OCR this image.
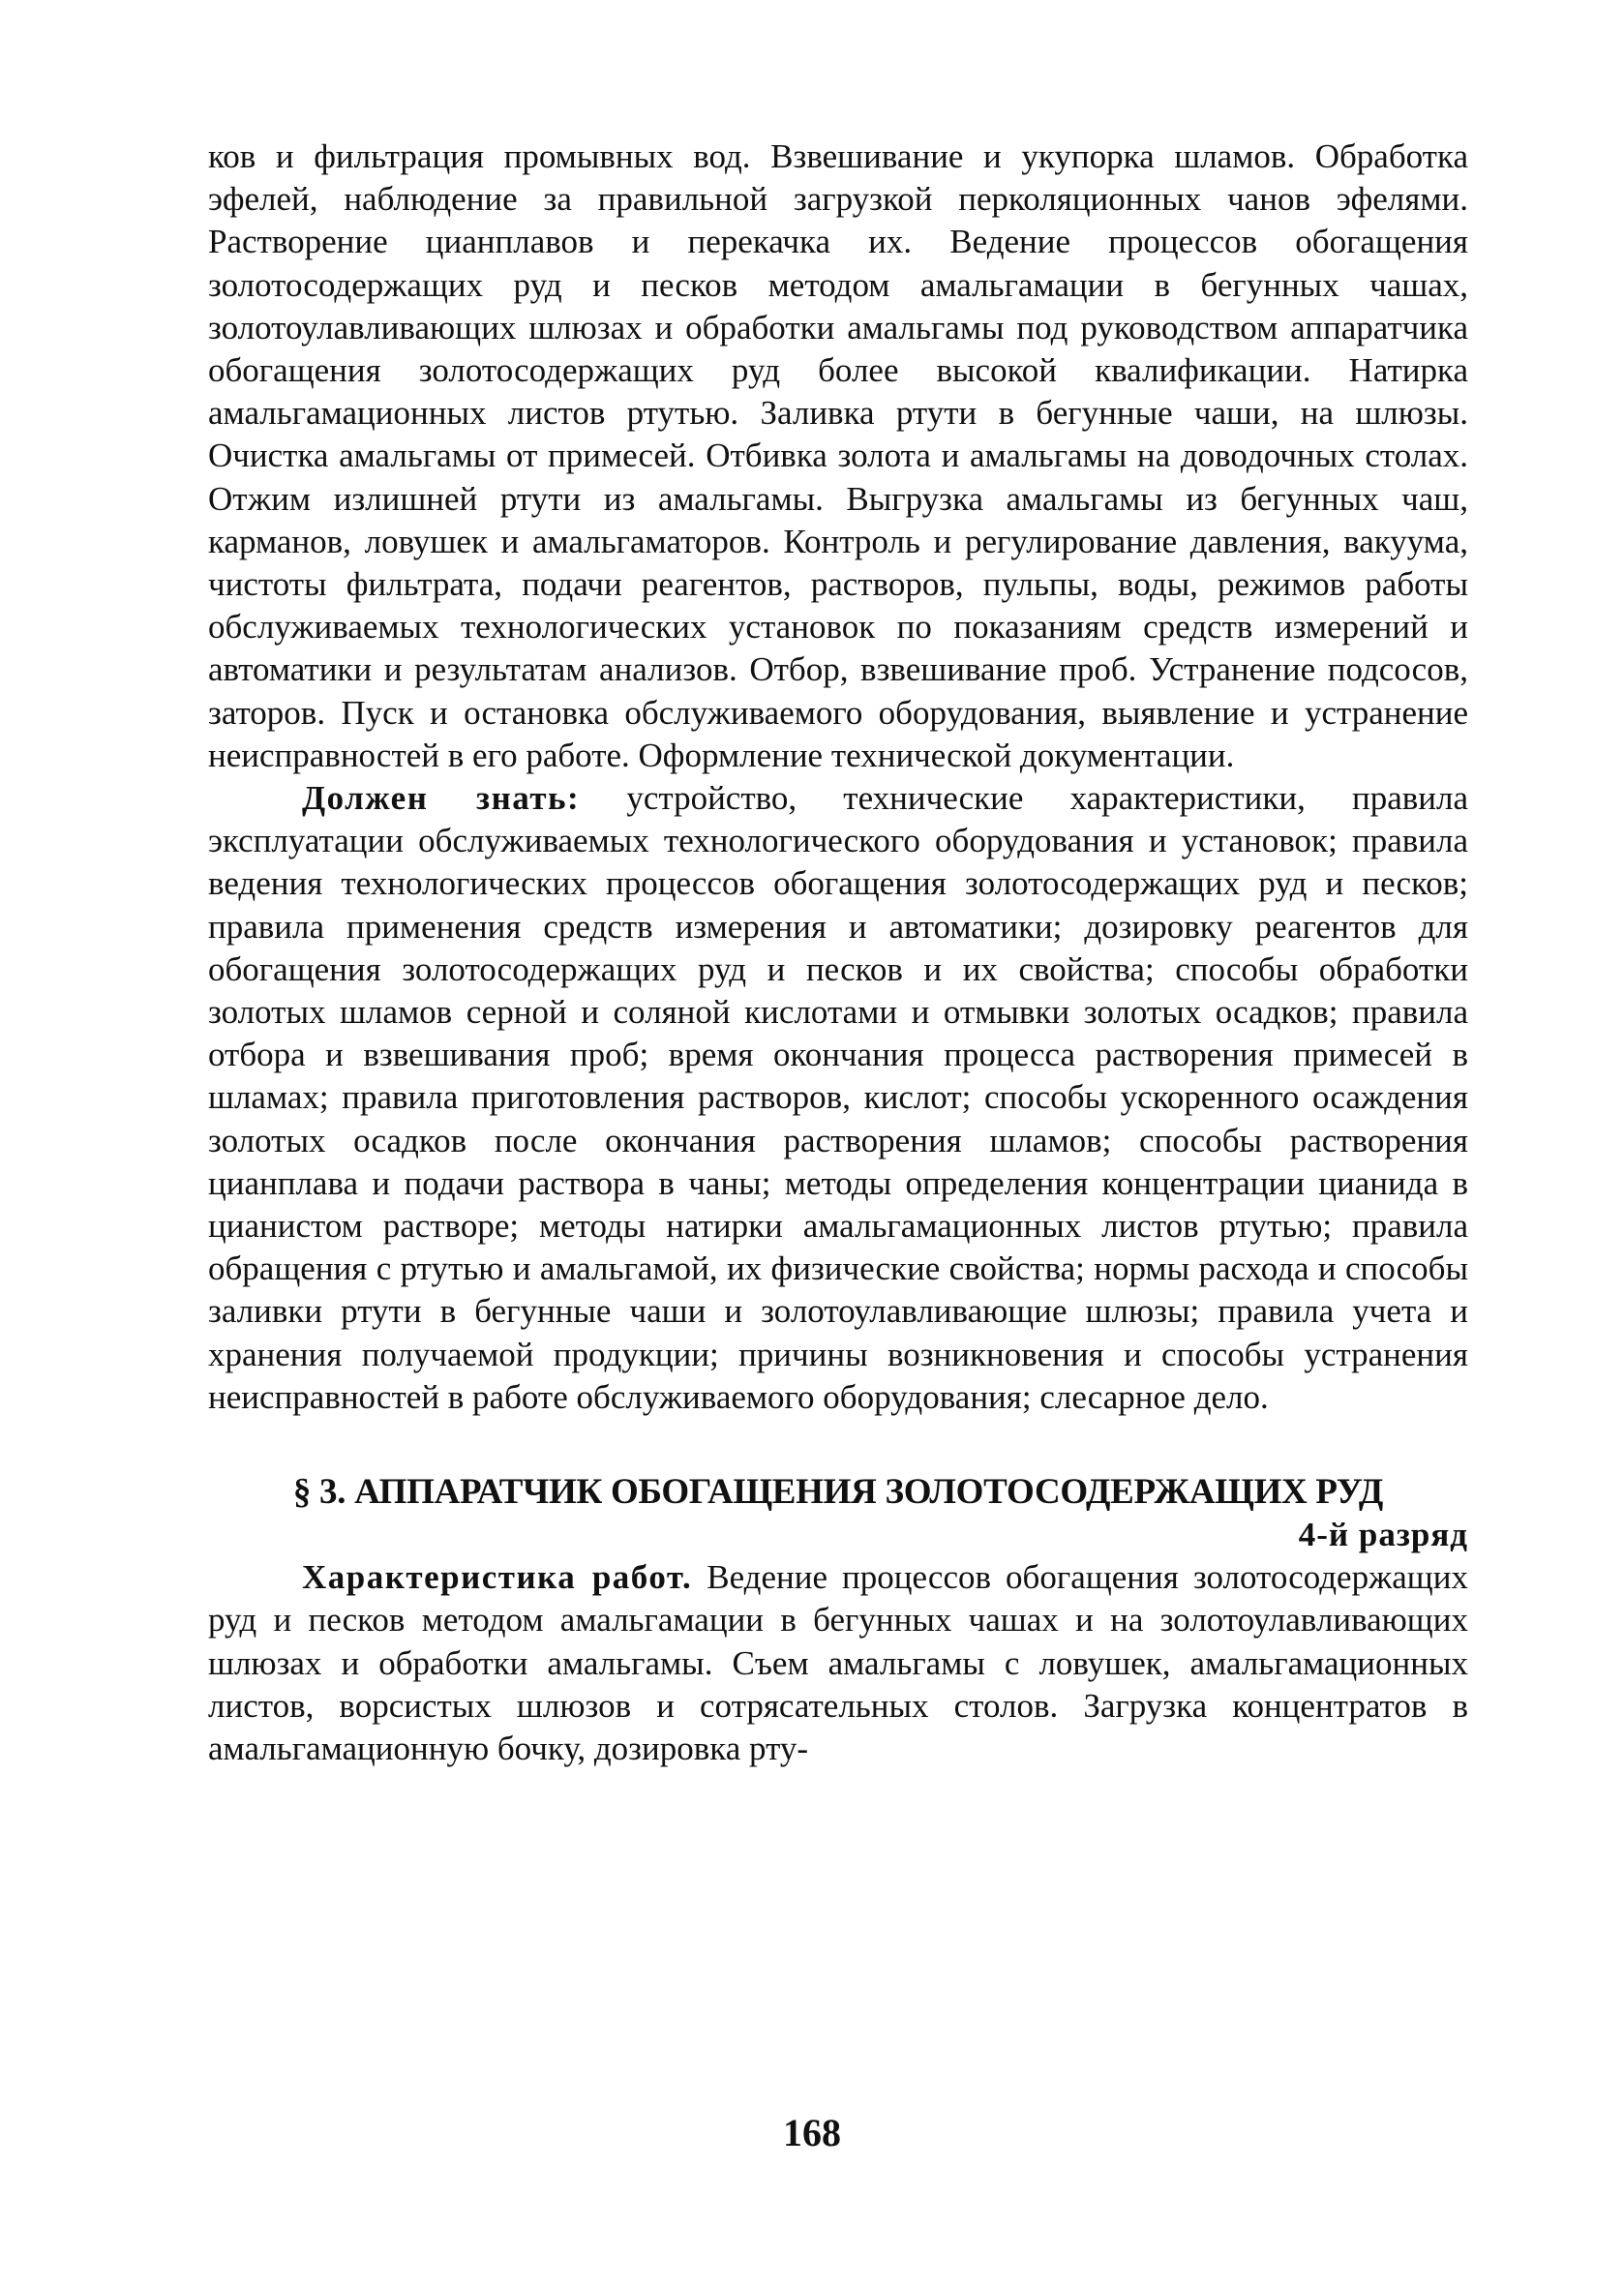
ков и фильтрация промывных вод. Взвешивание и укупорка шламов. Обработка эфелей, наблюдение за правильной загрузкой перколяционных чанов эфелями. Растворение цианплавов и перекачка их. Ведение процессов обогащения золотосодержащих руд и песков методом амальгамации в бегунных чашах, золотоулавливающих шлюзах и обработки амальгамы под руководством аппаратчика обогащения золотосодержащих руд более высокой квалификации. Натирка амальгамационных листов ртутью. Заливка ртути в бегунные чаши, на шлюзы. Очистка амальгамы от примесей. Отбивка золота и амальгамы на доводочных столах. Отжим излишней ртути из амальгамы. Выгрузка амальгамы из бегунных чаш, карманов, ловушек и амальгаматоров. Контроль и регулирование давления, вакуума, чистоты фильтрата, подачи реагентов, растворов, пульпы, воды, режимов работы обслуживаемых технологических установок по показаниям средств измерений и автоматики и результатам анализов. Отбор, взвешивание проб. Устранение подсосов, заторов. Пуск и остановка обслуживаемого оборудования, выявление и устранение неисправностей в его работе. Оформление технической документации.

Должен знать: устройство, технические характеристики, правила эксплуатации обслуживаемых технологического оборудования и установок; правила ведения технологических процессов обогащения золотосодержащих руд и песков; правила применения средств измерения и автоматики; дозировку реагентов для обогащения золотосодержащих руд и песков и их свойства; способы обработки золотых шламов серной и соляной кислотами и отмывки золотых осадков; правила отбора и взвешивания проб; время окончания процесса растворения примесей в шламах; правила приготовления растворов, кислот; способы ускоренного осаждения золотых осадков после окончания растворения шламов; способы растворения цианплава и подачи раствора в чаны; методы определения концентрации цианида в цианистом растворе; методы натирки амальгамационных листов ртутью; правила обращения с ртутью и амальгамой, их физические свойства; нормы расхода и способы заливки ртути в бегунные чаши и золотоулавливающие шлюзы; правила учета и хранения получаемой продукции; причины возникновения и способы устранения неисправностей в работе обслуживаемого оборудования; слесарное дело.

§ 3. АППАРАТЧИК ОБОГАЩЕНИЯ ЗОЛОТОСОДЕРЖАЩИХ РУД

4-й разряд

Характеристика работ. Ведение процессов обогащения золотосодержащих руд и песков методом амальгамации в бегунных чашах и на золотоулавливающих шлюзах и обработки амальгамы. Съем амальгамы с ловушек, амальгамационных листов, ворсистых шлюзов и сотрясательных столов. Загрузка концентратов в амальгамационную бочку, дозировка рту-

168
